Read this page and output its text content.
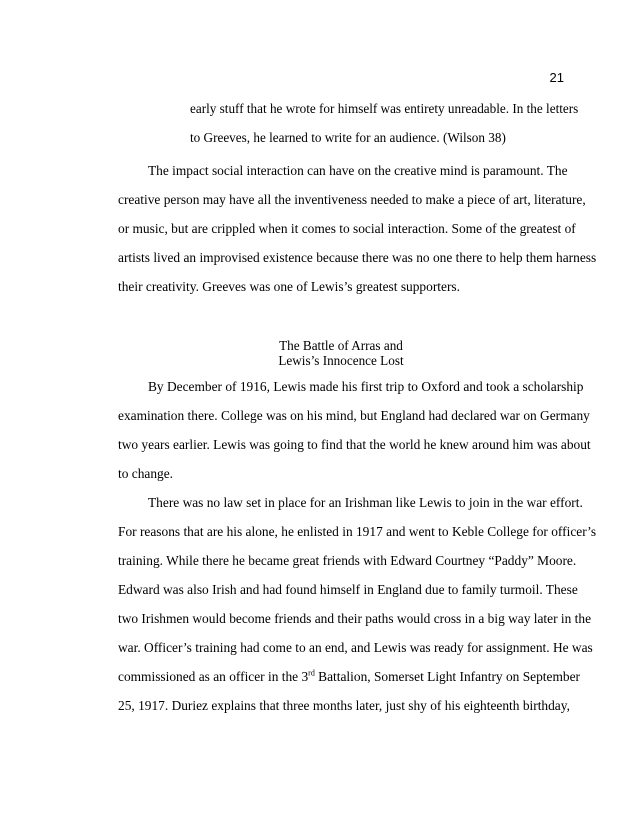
21
early stuff that he wrote for himself was entirety unreadable. In the letters
to Greeves, he learned to write for an audience. (Wilson 38)
The impact social interaction can have on the creative mind is paramount. The
creative person may have all the inventiveness needed to make a piece of art, literature,
or music, but are crippled when it comes to social interaction. Some of the greatest of
artists lived an improvised existence because there was no one there to help them harness
their creativity. Greeves was one of Lewis’s greatest supporters.
The Battle of Arras and
Lewis’s Innocence Lost
By December of 1916, Lewis made his first trip to Oxford and took a scholarship
examination there. College was on his mind, but England had declared war on Germany
two years earlier. Lewis was going to find that the world he knew around him was about
to change.
There was no law set in place for an Irishman like Lewis to join in the war effort.
For reasons that are his alone, he enlisted in 1917 and went to Keble College for officer’s
training. While there he became great friends with Edward Courtney “Paddy” Moore.
Edward was also Irish and had found himself in England due to family turmoil. These
two Irishmen would become friends and their paths would cross in a big way later in the
war. Officer’s training had come to an end, and Lewis was ready for assignment. He was
commissioned as an officer in the 3rd Battalion, Somerset Light Infantry on September
25, 1917. Duriez explains that three months later, just shy of his eighteenth birthday,
